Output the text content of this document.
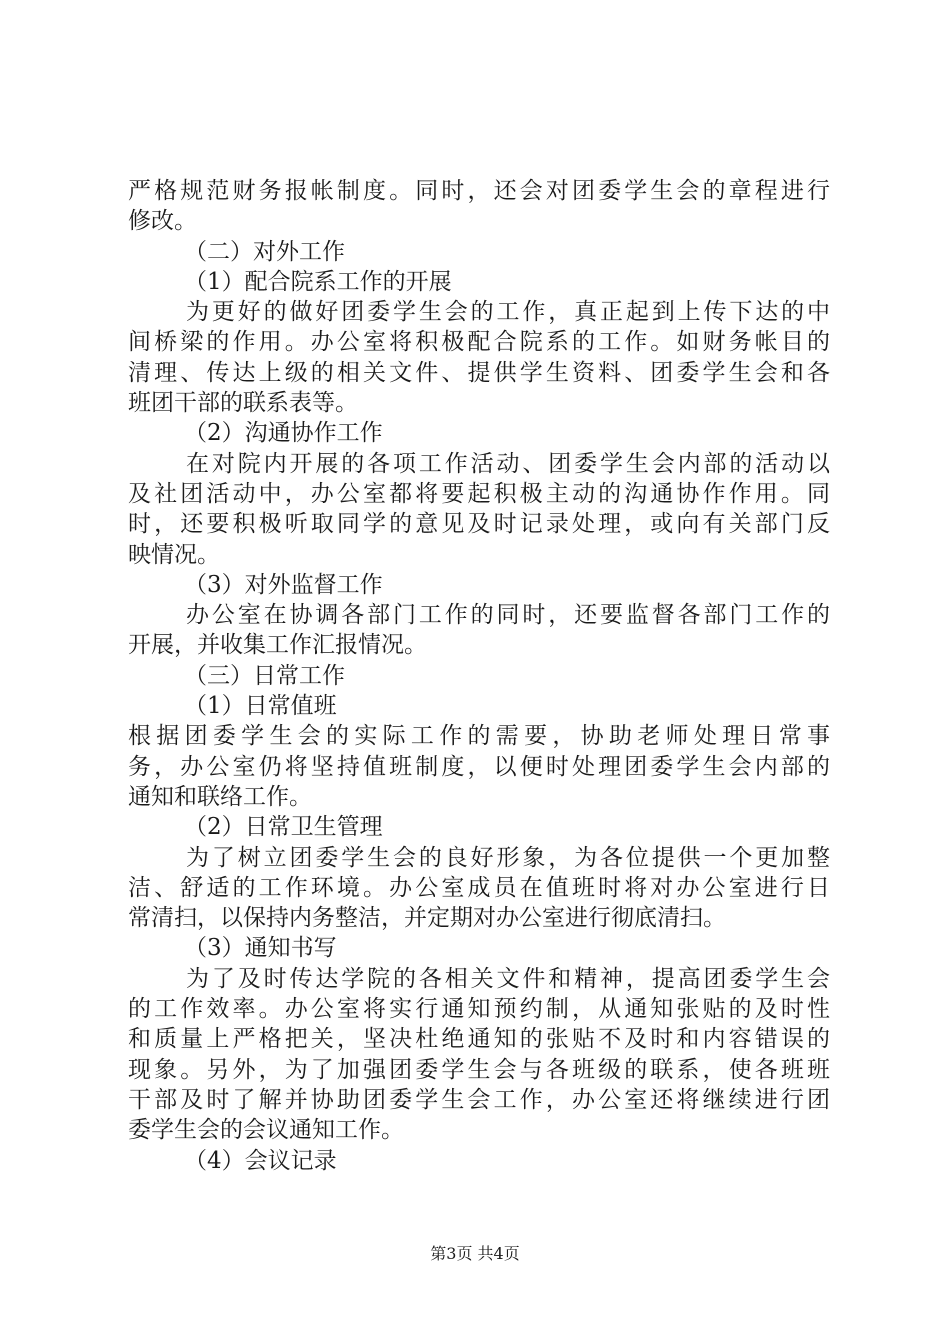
严格规范财务报帐制度。同时，还会对团委学生会的章程进行
修改。
（二）对外工作
（1）配合院系工作的开展
为更好的做好团委学生会的工作，真正起到上传下达的中
间桥梁的作用。办公室将积极配合院系的工作。如财务帐目的
清理、传达上级的相关文件、提供学生资料、团委学生会和各
班团干部的联系表等。
（2）沟通协作工作
在对院内开展的各项工作活动、团委学生会内部的活动以
及社团活动中，办公室都将要起积极主动的沟通协作作用。同
时，还要积极听取同学的意见及时记录处理，或向有关部门反
映情况。
（3）对外监督工作
办公室在协调各部门工作的同时，还要监督各部门工作的
开展，并收集工作汇报情况。
（三）日常工作
（1）日常值班
根据团委学生会的实际工作的需要，协助老师处理日常事
务，办公室仍将坚持值班制度，以便时处理团委学生会内部的
通知和联络工作。
（2）日常卫生管理
为了树立团委学生会的良好形象，为各位提供一个更加整
洁、舒适的工作环境。办公室成员在值班时将对办公室进行日
常清扫，以保持内务整洁，并定期对办公室进行彻底清扫。
（3）通知书写
为了及时传达学院的各相关文件和精神，提高团委学生会
的工作效率。办公室将实行通知预约制，从通知张贴的及时性
和质量上严格把关，坚决杜绝通知的张贴不及时和内容错误的
现象。另外，为了加强团委学生会与各班级的联系，使各班班
干部及时了解并协助团委学生会工作，办公室还将继续进行团
委学生会的会议通知工作。
（4）会议记录
第3页 共4页
